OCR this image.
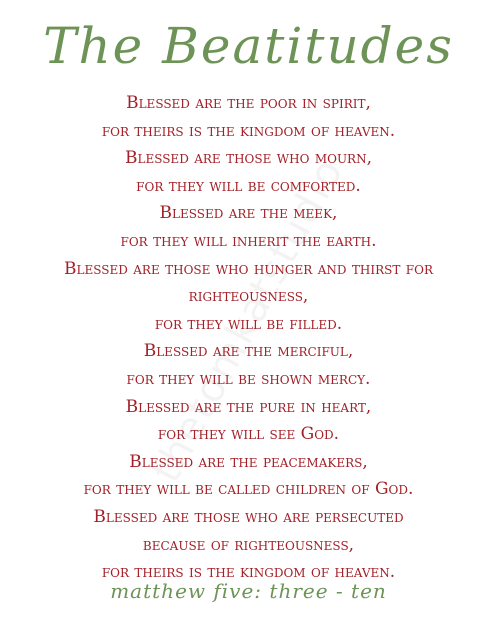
The Beatitudes
Blessed are the poor in spirit,
for theirs is the kingdom of heaven.
Blessed are those who mourn,
for they will be comforted.
Blessed are the meek,
for they will inherit the earth.
Blessed are those who hunger and thirst for
righteousness,
for they will be filled.
Blessed are the merciful,
for they will be shown mercy.
Blessed are the pure in heart,
for they will see God.
Blessed are the peacemakers,
for they will be called children of God.
Blessed are those who are persecuted
because of righteousness,
for theirs is the kingdom of heaven.
matthew five: three - ten
